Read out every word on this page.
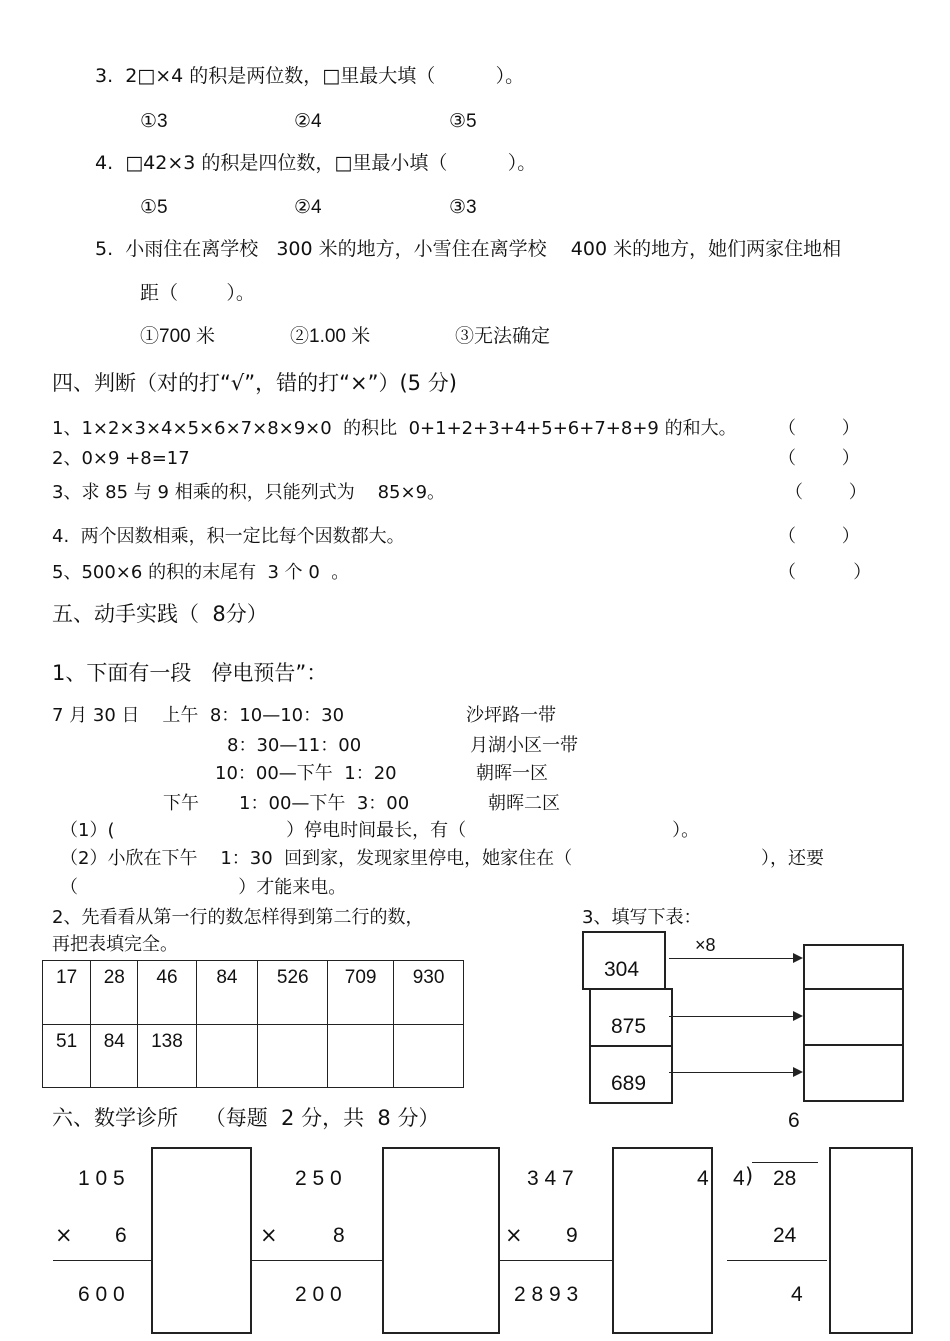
3.  2□×4 的积是两位数，□里最大填（          ）。
①3	②4	③5
4.  □42×3 的积是四位数，□里最小填（          ）。
①5	②4	③3
5.  小雨住在离学校   300 米的地方，小雪住在离学校    400 米的地方，她们两家住地相
距（        ）。
①700 米	②1.00 米	③无法确定
四、判断（对的打“√”，错的打“×”）(5 分)
1、1×2×3×4×5×6×7×8×9×0  的积比  0+1+2+3+4+5+6+7+8+9 的和大。 （        ）
2、0×9 +8=17	（        ）
3、求 85 与 9 相乘的积，只能列式为    85×9。	（        ）
4.  两个因数相乘，积一定比每个因数都大。	（        ）
5、500×6 的积的末尾有  3 个 0  。	（          ）
五、动手实践（  8分）
1、下面有一段   停电预告”：
7 月 30 日    上午  8：10—10：30	沙坪路一带
8：30—11：00	月湖小区一带
10：00—下午  1：20	朝晖一区
下午       1：00—下午  3：00	朝晖二区
（1）(                              ）停电时间最长，有（                                    ）。
（2）小欣在下午    1：30  回到家，发现家里停电，她家住在（                                 ），还要
（                            ）才能来电。
2、先看看从第一行的数怎样得到第二行的数，
再把表填完全。
17	28	46	84	526	709	930
51	84	138				
3、填写下表：
×8
304
875
689
六、数学诊所    （每题  2 分，共  8 分）	6
1 0 5
× 6
6 0 0
2 5 0
×	8
2 0 0
3 4 7
× 9
2 8 9 3
4 4 ) 28
24
4
